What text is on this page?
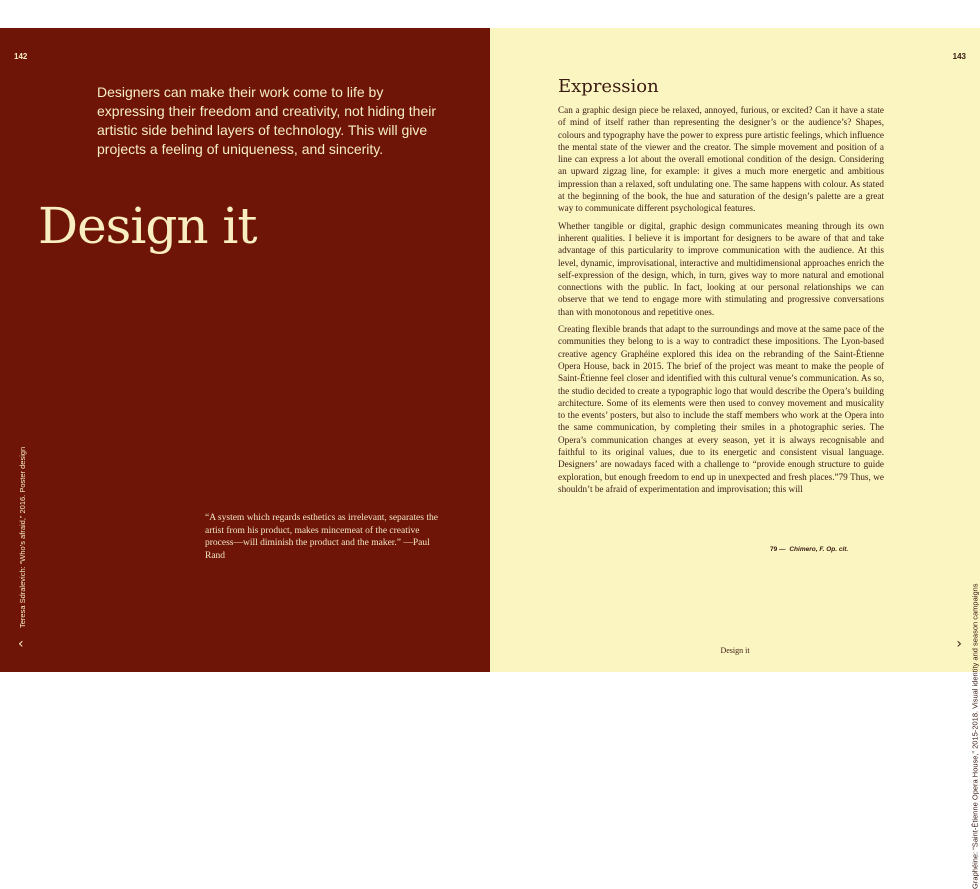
142
Designers can make their work come to life by expressing their freedom and creativity, not hiding their artistic side behind layers of technology. This will give projects a feeling of uniqueness, and sincerity.
Design it
“A system which regards esthetics as irrelevant, separates the artist from his product, makes mincemeat of the creative process—will diminish the product and the maker.” —Paul Rand
Teresa Sdralevich: “Who’s afraid,” 2016. Poster design
‹
143
Expression

Can a graphic design piece be relaxed, annoyed, furious, or excited? Can it have a state of mind of itself rather than representing the designer’s or the audience’s? Shapes, colours and typography have the power to express pure artistic feelings, which influence the mental state of the viewer and the creator. The simple movement and position of a line can express a lot about the overall emotional condition of the design. Considering an upward zigzag line, for example: it gives a much more energetic and ambitious impression than a relaxed, soft undulating one. The same happens with colour. As stated at the beginning of the book, the hue and saturation of the design’s palette are a great way to communicate different psychological features.

Whether tangible or digital, graphic design communicates meaning through its own inherent qualities. I believe it is important for designers to be aware of that and take advantage of this particularity to improve communication with the audience. At this level, dynamic, improvisational, interactive and multidimensional approaches enrich the self-expression of the design, which, in turn, gives way to more natural and emotional connections with the public. In fact, looking at our personal relationships we can observe that we tend to engage more with stimulating and progressive conversations than with monotonous and repetitive ones.

Creating flexible brands that adapt to the surroundings and move at the same pace of the communities they belong to is a way to contradict these impositions. The Lyon-based creative agency Graphéine explored this idea on the rebranding of the Saint-Étienne Opera House, back in 2015. The brief of the project was meant to make the people of Saint-Étienne feel closer and identified with this cultural venue’s communication. As so, the studio decided to create a typographic logo that would describe the Opera’s building architecture. Some of its elements were then used to convey movement and musicality to the events’ posters, but also to include the staff members who work at the Opera into the same communication, by completing their smiles in a photographic series. The Opera’s communication changes at every season, yet it is always recognisable and faithful to its original values, due to its energetic and consistent visual language. Designers’ are nowadays faced with a challenge to “provide enough structure to guide exploration, but enough freedom to end up in unexpected and fresh places.”79 Thus, we shouldn’t be afraid of experimentation and improvisation; this will

79 — Chimero, F. Op. cit.
Design it	Graphéine: “Saint-Étienne Opera House,” 2015-2018. Visual identity and season campaigns
›
